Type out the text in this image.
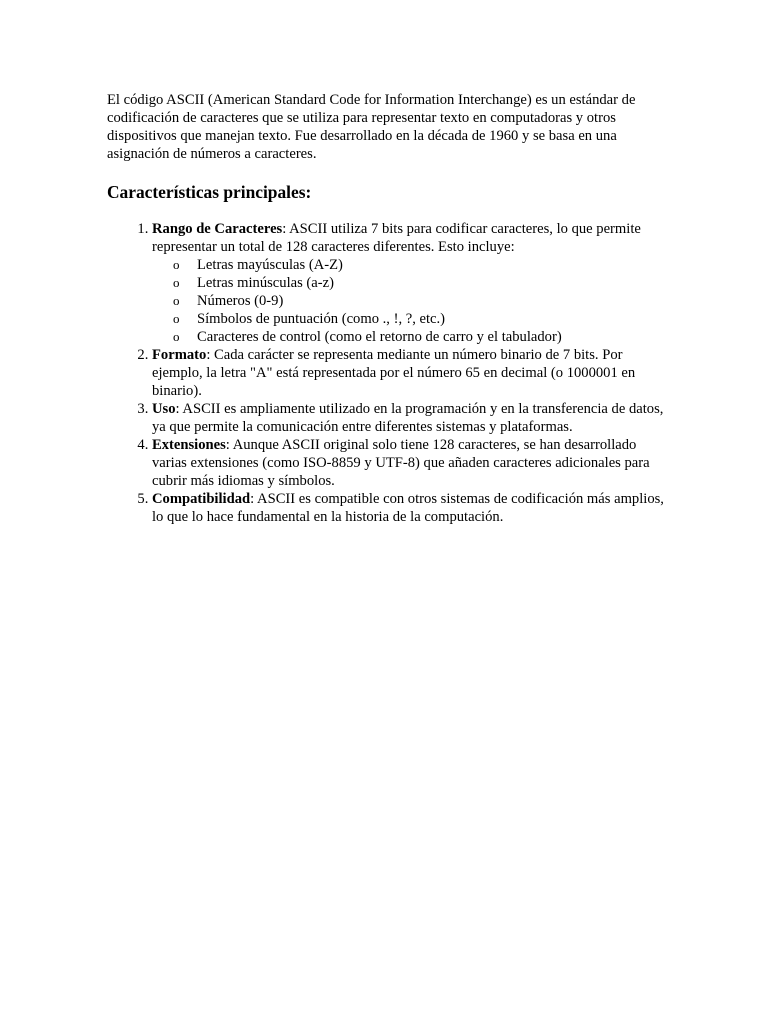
El código ASCII (American Standard Code for Information Interchange) es un estándar de codificación de caracteres que se utiliza para representar texto en computadoras y otros dispositivos que manejan texto. Fue desarrollado en la década de 1960 y se basa en una asignación de números a caracteres.

Características principales:
1. Rango de Caracteres: ASCII utiliza 7 bits para codificar caracteres, lo que permite representar un total de 128 caracteres diferentes. Esto incluye:
o Letras mayúsculas (A-Z)
o Letras minúsculas (a-z)
o Números (0-9)
o Símbolos de puntuación (como ., !, ?, etc.)
o Caracteres de control (como el retorno de carro y el tabulador)
2. Formato: Cada carácter se representa mediante un número binario de 7 bits. Por ejemplo, la letra "A" está representada por el número 65 en decimal (o 1000001 en binario).
3. Uso: ASCII es ampliamente utilizado en la programación y en la transferencia de datos, ya que permite la comunicación entre diferentes sistemas y plataformas.
4. Extensiones: Aunque ASCII original solo tiene 128 caracteres, se han desarrollado varias extensiones (como ISO-8859 y UTF-8) que añaden caracteres adicionales para cubrir más idiomas y símbolos.
5. Compatibilidad: ASCII es compatible con otros sistemas de codificación más amplios, lo que lo hace fundamental en la historia de la computación.
